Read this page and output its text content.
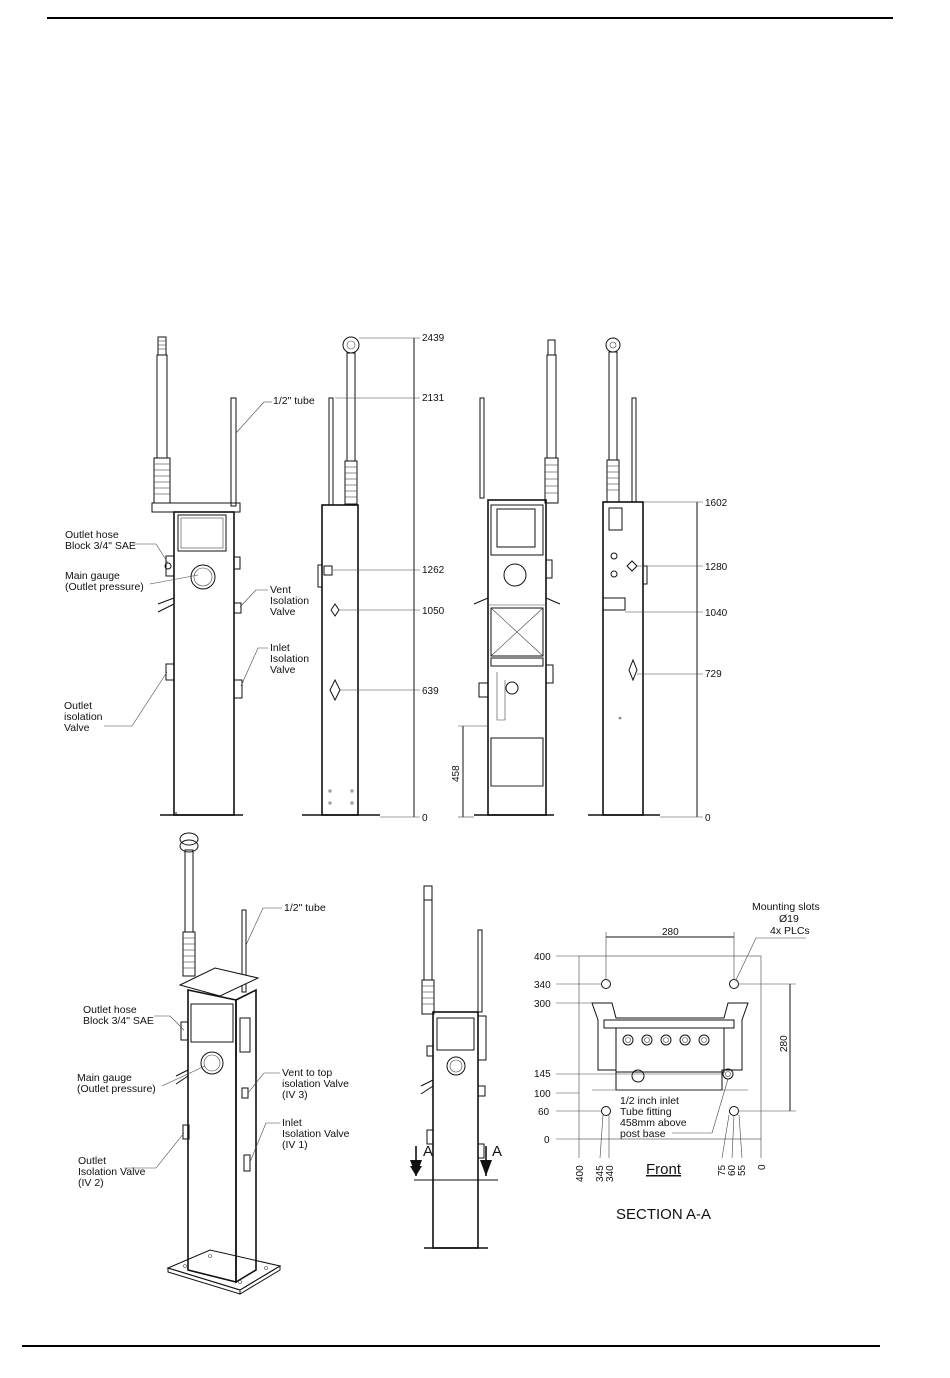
2439
2131
1262
1050
639
0
458
1602
1280
1040
729
0
1/2" tube
Outlet hose
Block 3/4" SAE
Main gauge
(Outlet pressure)	Vent
Isolation
Valve
Inlet
Isolation
Valve
Outlet
isolation
Valve
1/2" tube
Outlet hose
Block 3/4" SAE
Main gauge
(Outlet pressure)
Vent to top
isolation Valve
(IV 3)
Inlet
Isolation Valve
(IV 1)
Outlet
Isolation Valve
(IV 2)
A	A
280
280
400
340
300
145
100
60
0
400 345 340	75 60 55 0
Front
Mounting slots
Ø19
4x PLCs
1/2 inch inlet
Tube fitting
458mm above
post base
SECTION A-A
